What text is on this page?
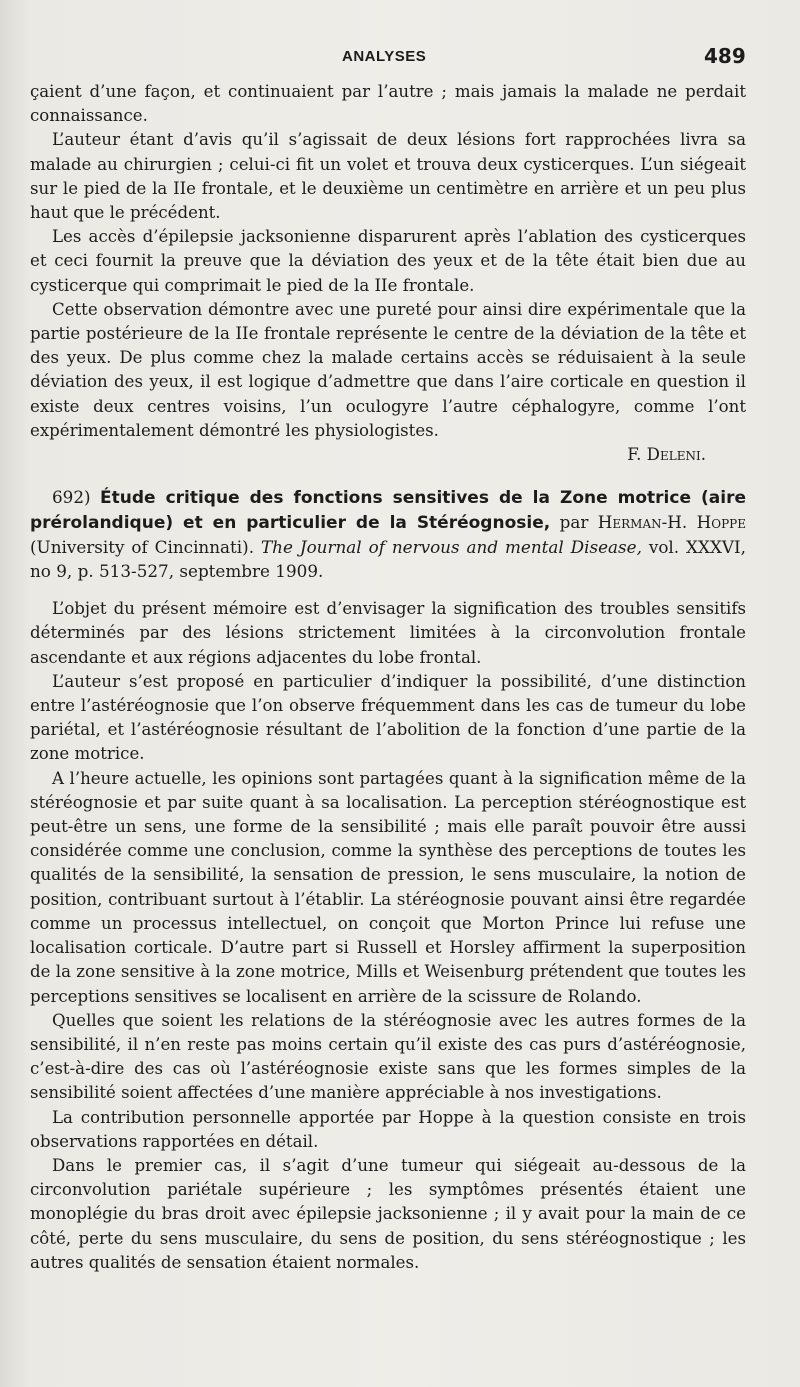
ANALYSES	489

çaient d’une façon, et continuaient par l’autre ; mais jamais la malade ne perdait connaissance.

L’auteur étant d’avis qu’il s’agissait de deux lésions fort rapprochées livra sa malade au chirurgien ; celui-ci fit un volet et trouva deux cysticerques. L’un siégeait sur le pied de la IIe frontale, et le deuxième un centimètre en arrière et un peu plus haut que le précédent.

Les accès d’épilepsie jacksonienne disparurent après l’ablation des cysticerques et ceci fournit la preuve que la déviation des yeux et de la tête était bien due au cysticerque qui comprimait le pied de la IIe frontale.

Cette observation démontre avec une pureté pour ainsi dire expérimentale que la partie postérieure de la IIe frontale représente le centre de la déviation de la tête et des yeux. De plus comme chez la malade certains accès se réduisaient à la seule déviation des yeux, il est logique d’admettre que dans l’aire corticale en question il existe deux centres voisins, l’un oculogyre l’autre céphalogyre, comme l’ont expérimentalement démontré les physiologistes.

F. Deleni.

692) Étude critique des fonctions sensitives de la Zone motrice (aire prérolandique) et en particulier de la Stéréognosie, par Herman-H. Hoppe (University of Cincinnati). The Journal of nervous and mental Disease, vol. XXXVI, no 9, p. 513-527, septembre 1909.

L’objet du présent mémoire est d’envisager la signification des troubles sensitifs déterminés par des lésions strictement limitées à la circonvolution frontale ascendante et aux régions adjacentes du lobe frontal.

L’auteur s’est proposé en particulier d’indiquer la possibilité, d’une distinction entre l’astéréognosie que l’on observe fréquemment dans les cas de tumeur du lobe pariétal, et l’astéréognosie résultant de l’abolition de la fonction d’une partie de la zone motrice.

A l’heure actuelle, les opinions sont partagées quant à la signification même de la stéréognosie et par suite quant à sa localisation. La perception stéréognostique est peut-être un sens, une forme de la sensibilité ; mais elle paraît pouvoir être aussi considérée comme une conclusion, comme la synthèse des perceptions de toutes les qualités de la sensibilité, la sensation de pression, le sens musculaire, la notion de position, contribuant surtout à l’établir. La stéréognosie pouvant ainsi être regardée comme un processus intellectuel, on conçoit que Morton Prince lui refuse une localisation corticale. D’autre part si Russell et Horsley affirment la superposition de la zone sensitive à la zone motrice, Mills et Weisenburg prétendent que toutes les perceptions sensitives se localisent en arrière de la scissure de Rolando.

Quelles que soient les relations de la stéréognosie avec les autres formes de la sensibilité, il n’en reste pas moins certain qu’il existe des cas purs d’astéréognosie, c’est-à-dire des cas où l’astéréognosie existe sans que les formes simples de la sensibilité soient affectées d’une manière appréciable à nos investigations.

La contribution personnelle apportée par Hoppe à la question consiste en trois observations rapportées en détail.

Dans le premier cas, il s’agit d’une tumeur qui siégeait au-dessous de la circonvolution pariétale supérieure ; les symptômes présentés étaient une monoplégie du bras droit avec épilepsie jacksonienne ; il y avait pour la main de ce côté, perte du sens musculaire, du sens de position, du sens stéréognostique ; les autres qualités de sensation étaient normales.
